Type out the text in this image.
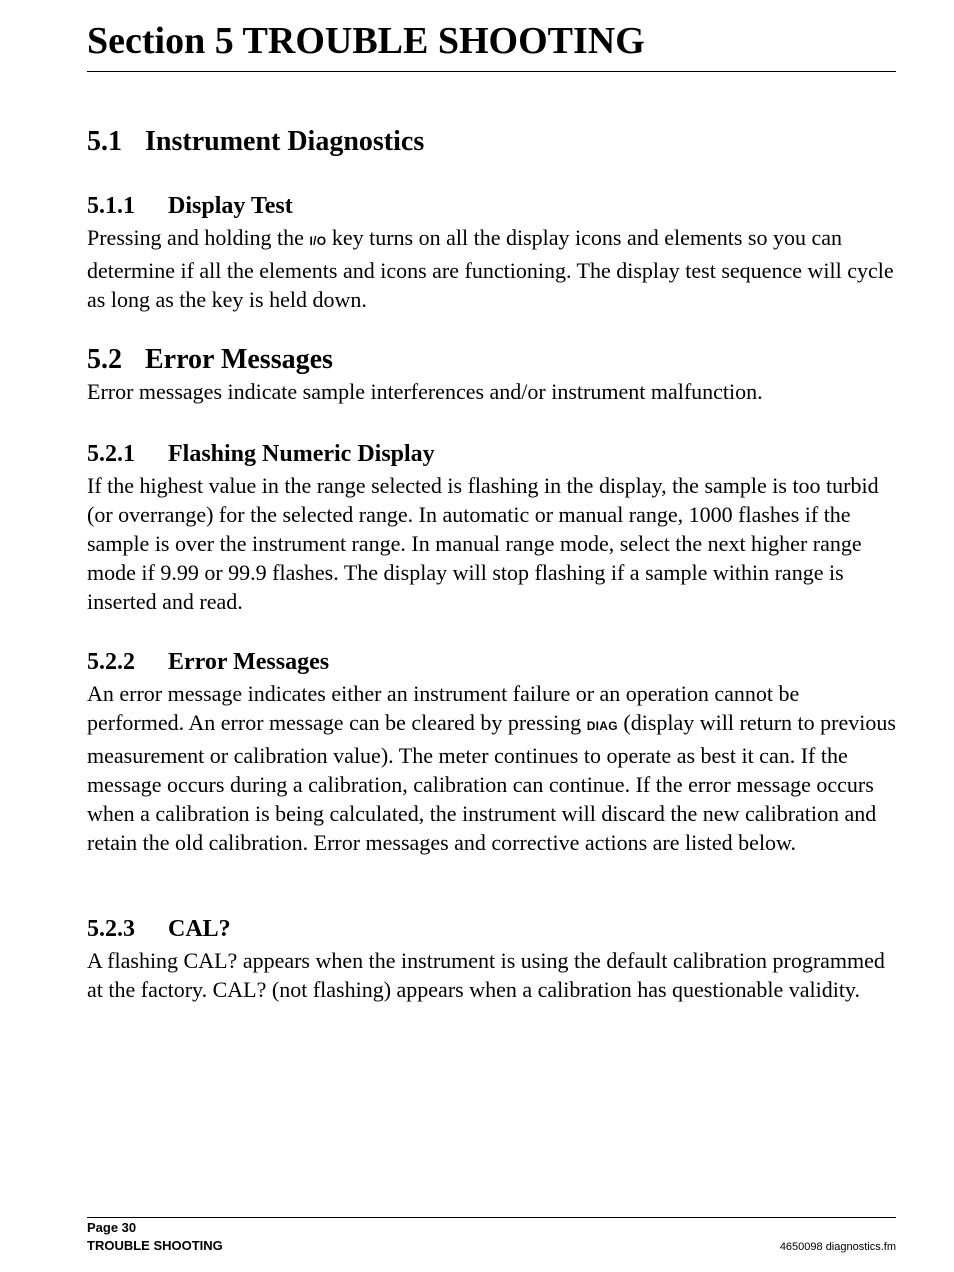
Section 5 TROUBLE SHOOTING
5.1 Instrument Diagnostics
5.1.1 Display Test

Pressing and holding the I/O key turns on all the display icons and elements so you can determine if all the elements and icons are functioning. The display test sequence will cycle as long as the key is held down.

5.2 Error Messages

Error messages indicate sample interferences and/or instrument malfunction.

5.2.1 Flashing Numeric Display

If the highest value in the range selected is flashing in the display, the sample is too turbid (or overrange) for the selected range. In automatic or manual range, 1000 flashes if the sample is over the instrument range. In manual range mode, select the next higher range mode if 9.99 or 99.9 flashes. The display will stop flashing if a sample within range is inserted and read.

5.2.2 Error Messages

An error message indicates either an instrument failure or an operation cannot be performed. An error message can be cleared by pressing DIAG (display will return to previous measurement or calibration value). The meter continues to operate as best it can. If the message occurs during a calibration, calibration can continue. If the error message occurs when a calibration is being calculated, the instrument will discard the new calibration and retain the old calibration. Error messages and corrective actions are listed below.

5.2.3 CAL?

A flashing CAL? appears when the instrument is using the default calibration programmed at the factory. CAL? (not flashing) appears when a calibration has questionable validity.

Page 30
TROUBLE SHOOTING	4650098 diagnostics.fm
